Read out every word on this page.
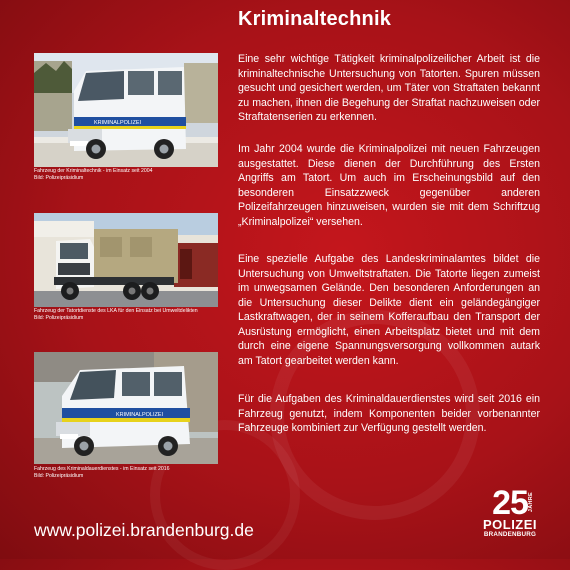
KRIMINALPOLIZEI
Fahrzeug der Kriminaltechnik - im Einsatz seit 2004
Bild: Polizeipräsidium
Fahrzeug der Tatortdienste des LKA für den Einsatz bei Umweltdelikten
Bild: Polizeipräsidium
KRIMINALPOLIZEI
Fahrzeug des Kriminaldauerdienstes - im Einsatz seit 2016
Bild: Polizeipräsidium
Kriminaltechnik

Eine sehr wichtige Tätigkeit kriminalpolizeilicher Arbeit ist die kriminaltechnische Untersuchung von Tatorten. Spuren müssen gesucht und gesichert werden, um Täter von Straftaten bekannt zu machen, ihnen die Begehung der Straftat nachzuweisen oder Straftatenserien zu erkennen.

Im Jahr 2004 wurde die Kriminalpolizei mit neuen Fahrzeugen ausgestattet. Diese dienen der Durchführung des Ersten Angriffs am Tatort. Um auch im Erscheinungsbild auf den besonderen Einsatzzweck gegenüber anderen Polizeifahrzeugen hinzuweisen, wurden sie mit dem Schriftzug „Kriminalpolizei“ versehen.

Eine spezielle Aufgabe des Landeskriminalamtes bildet die Untersuchung von Umweltstraftaten. Die Tatorte liegen zumeist im unwegsamen Gelände. Den besonderen Anforderungen an die Untersuchung dieser Delikte dient ein geländegängiger Lastkraftwagen, der in seinem Kofferaufbau den Transport der Ausrüstung ermöglicht, einen Arbeitsplatz bietet und mit dem durch eine eigene Spannungsversorgung vollkommen autark am Tatort gearbeitet werden kann.

Für die Aufgaben des Kriminaldauerdienstes wird seit 2016 ein Fahrzeug genutzt, indem Komponenten beider vorbenannter Fahrzeuge kombiniert zur Verfügung gestellt werden.

www.polizei.brandenburg.de
25 JAHRE
POLIZEI
BRANDENBURG
